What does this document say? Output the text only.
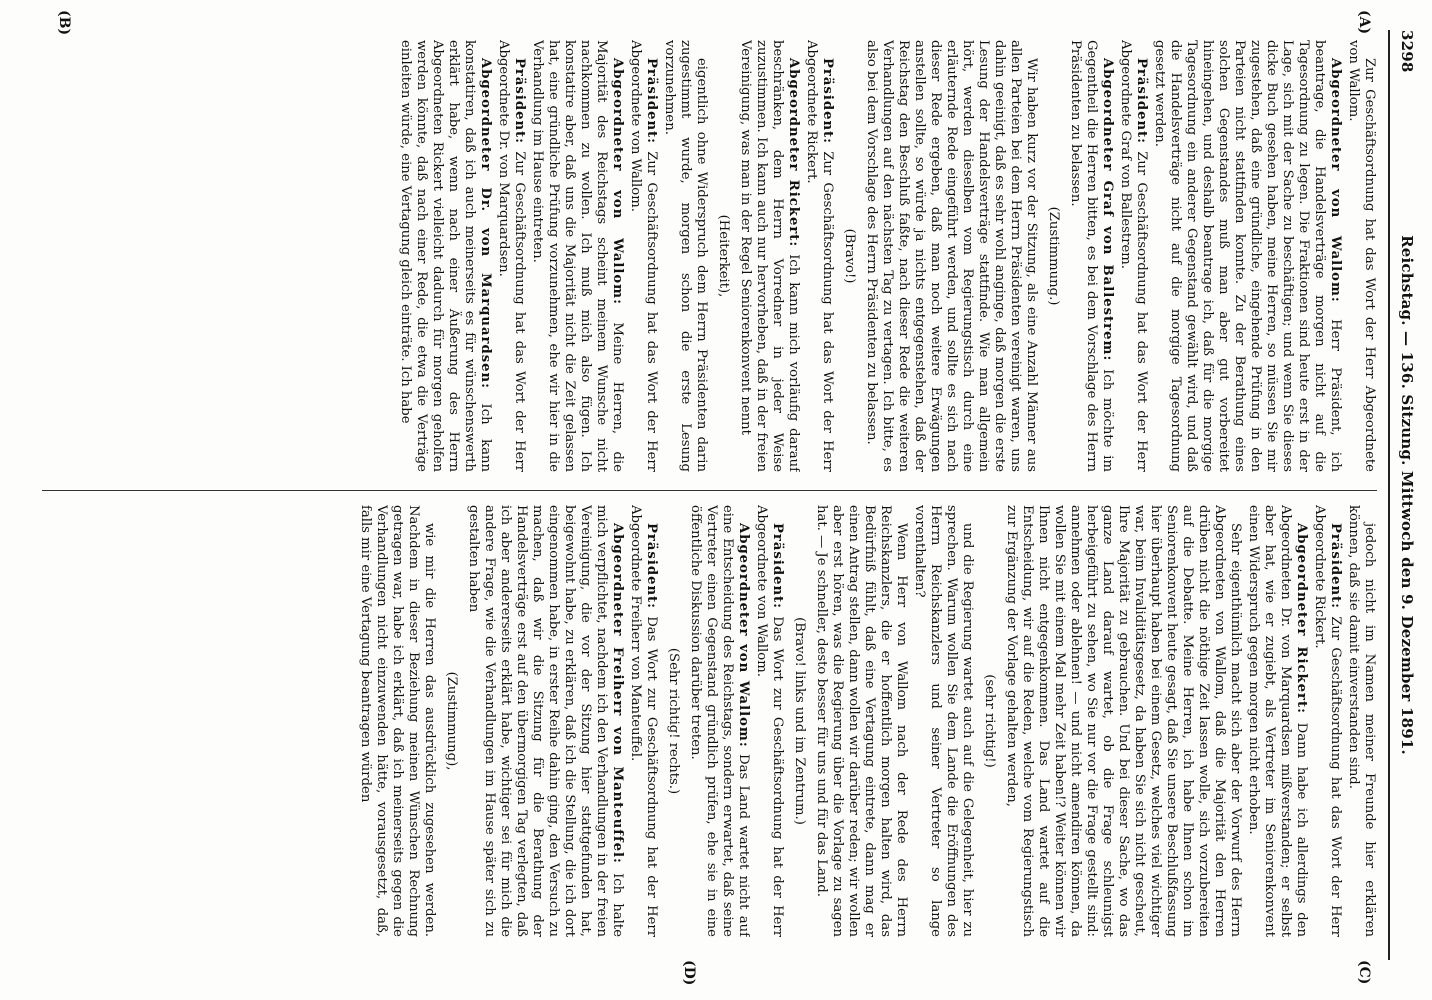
3298
Reichstag. — 136. Sitzung. Mittwoch den 9. Dezember 1891.
(A)
(B)
(C)
(D)

Zur Geschäftsordnung hat das Wort der Herr Abgeordnete von Wallom.

Abgeordneter von Wallom: Herr Präsident, ich beantrage, die Handelsverträge morgen nicht auf die Tagesordnung zu legen. Die Fraktionen sind heute erst in der Lage, sich mit der Sache zu beschäftigen; und wenn Sie dieses dicke Buch gesehen haben, meine Herren, so müssen Sie mir zugestehen, daß eine gründliche, eingehende Prüfung in den Parteien nicht stattfinden konnte. Zu der Berathung eines solchen Gegenstandes muß man aber gut vorbereitet hineingehen, und deshalb beantrage ich, daß für die morgige Tagesordnung ein anderer Gegenstand gewählt wird, und daß die Handelsverträge nicht auf die morgige Tagesordnung gesetzt werden.

Präsident: Zur Geschäftsordnung hat das Wort der Herr Abgeordnete Graf von Ballestrem.

Abgeordneter Graf von Ballestrem: Ich möchte im Gegentheil die Herren bitten, es bei dem Vorschlage des Herrn Präsidenten zu belassen.

(Zustimmung.)

Wir haben kurz vor der Sitzung, als eine Anzahl Männer aus allen Parteien bei dem Herrn Präsidenten vereinigt waren, uns dahin geeinigt, daß es sehr wohl anginge, daß morgen die erste Lesung der Handelsverträge stattfinde. Wie man allgemein hört, werden dieselben vom Regierungstisch durch eine erläuternde Rede eingeführt werden, und sollte es sich nach dieser Rede ergeben, daß man noch weitere Erwägungen anstellen sollte, so würde ja nichts entgegenstehen, daß der Reichstag den Beschluß faßte, nach dieser Rede die weiteren Verhandlungen auf den nächsten Tag zu vertagen. Ich bitte, es also bei dem Vorschlage des Herrn Präsidenten zu belassen.

(Bravo!)

Präsident: Zur Geschäftsordnung hat das Wort der Herr Abgeordnete Rickert.

Abgeordneter Rickert: Ich kann mich vorläufig darauf beschränken, dem Herrn Vorredner in jeder Weise zuzustimmen. Ich kann auch nur hervorheben, daß in der freien Vereinigung, was man in der Regel Seniorenkonvent nennt

(Heiterkeit),

eigentlich ohne Widerspruch dem Herrn Präsidenten darin zugestimmt wurde, morgen schon die erste Lesung vorzunehmen.

Präsident: Zur Geschäftsordnung hat das Wort der Herr Abgeordnete von Wallom.

Abgeordneter von Wallom: Meine Herren, die Majorität des Reichstags scheint meinem Wunsche nicht nachkommen zu wollen. Ich muß mich also fügen. Ich konstatire aber, daß uns die Majorität nicht die Zeit gelassen hat, eine gründliche Prüfung vorzunehmen, ehe wir hier in die Verhandlung im Hause eintreten.

Präsident: Zur Geschäftsordnung hat das Wort der Herr Abgeordnete Dr. von Marquardsen.

Abgeordneter Dr. von Marquardsen: Ich kann konstatiren, daß ich auch meinerseits es für wünschenswerth erklärt habe, wenn nach einer Äußerung des Herrn Abgeordneten Rickert vielleicht dadurch für morgen geholfen werden könnte, daß nach einer Rede, die etwa die Verträge einleiten würde, eine Vertagung gleich einträte. Ich habe

jedoch nicht im Namen meiner Freunde hier erklären können, daß sie damit einverstanden sind.

Präsident: Zur Geschäftsordnung hat das Wort der Herr Abgeordnete Rickert.

Abgeordneter Rickert: Dann habe ich allerdings den Abgeordneten Dr. von Marquardsen mißverstanden; er selbst aber hat, wie er zugiebt, als Vertreter im Seniorenkonvent einen Widerspruch gegen morgen nicht erhoben.

Sehr eigenthümlich macht sich aber der Vorwurf des Herrn Abgeordneten von Wallom, daß die Majorität den Herren drüben nicht die nöthige Zeit lassen wolle, sich vorzubereiten auf die Debatte. Meine Herren, ich habe Ihnen schon im Seniorenkonvent heute gesagt, daß Sie unsere Beschlußfassung hier überhaupt haben bei einem Gesetz, welches viel wichtiger war, beim Invaliditätsgesetz, da haben Sie sich nicht gescheut, Ihre Majorität zu gebrauchen. Und bei dieser Sache, wo das ganze Land darauf wartet, ob die Frage schleunigst herbeigeführt zu sehen, wo Sie nur vor die Frage gestellt sind: annehmen oder ablehnen! — und nicht amendiren können, da wollen Sie mit einem Mal mehr Zeit haben!? Weiter können wir Ihnen nicht entgegenkommen. Das Land wartet auf die Entscheidung, wir auf die Reden, welche vom Regierungstisch zur Ergänzung der Vorlage gehalten werden,

(sehr richtig!)

und die Regierung wartet auch auf die Gelegenheit, hier zu sprechen. Warum wollen Sie dem Lande die Eröffnungen des Herrn Reichskanzlers und seiner Vertreter so lange vorenthalten?

Wenn Herr von Wallom nach der Rede des Herrn Reichskanzlers, die er hoffentlich morgen halten wird, das Bedürfniß fühlt, daß eine Vertagung eintrete, dann mag er einen Antrag stellen, dann wollen wir darüber reden; wir wollen aber erst hören, was die Regierung über die Vorlage zu sagen hat. — Je schneller, desto besser für uns und für das Land.

(Bravo! links und im Zentrum.)

Präsident: Das Wort zur Geschäftsordnung hat der Herr Abgeordnete von Wallom.

Abgeordneter von Wallom: Das Land wartet nicht auf eine Entscheidung des Reichstags, sondern erwartet, daß seine Vertreter einen Gegenstand gründlich prüfen, ehe sie in eine öffentliche Diskussion darüber treten.

(Sehr richtig! rechts.)

Präsident: Das Wort zur Geschäftsordnung hat der Herr Abgeordnete Freiherr von Manteuffel.

Abgeordneter Freiherr von Manteuffel: Ich halte mich verpflichtet, nachdem ich den Verhandlungen in der freien Vereinigung, die vor der Sitzung hier stattgefunden hat, beigewohnt habe, zu erklären, daß ich die Stellung, die ich dort eingenommen habe, in erster Reihe dahin ging, den Versuch zu machen, daß wir die Sitzung für die Berathung der Handelsverträge erst auf den übermorgigen Tag verlegten, daß ich aber andererseits erklärt habe, wichtiger sei für mich die andere Frage, wie die Verhandlungen im Hause später sich zu gestalten haben

(Zustimmung),

wie mir die Herren das ausdrücklich zugesehen werden. Nachdem in dieser Beziehung meinen Wünschen Rechnung getragen war, habe ich erklärt, daß ich meinerseits gegen die Verhandlungen nicht einzuwenden hätte, vorausgesetzt, daß, falls mir eine Vertagung beantragen würden
